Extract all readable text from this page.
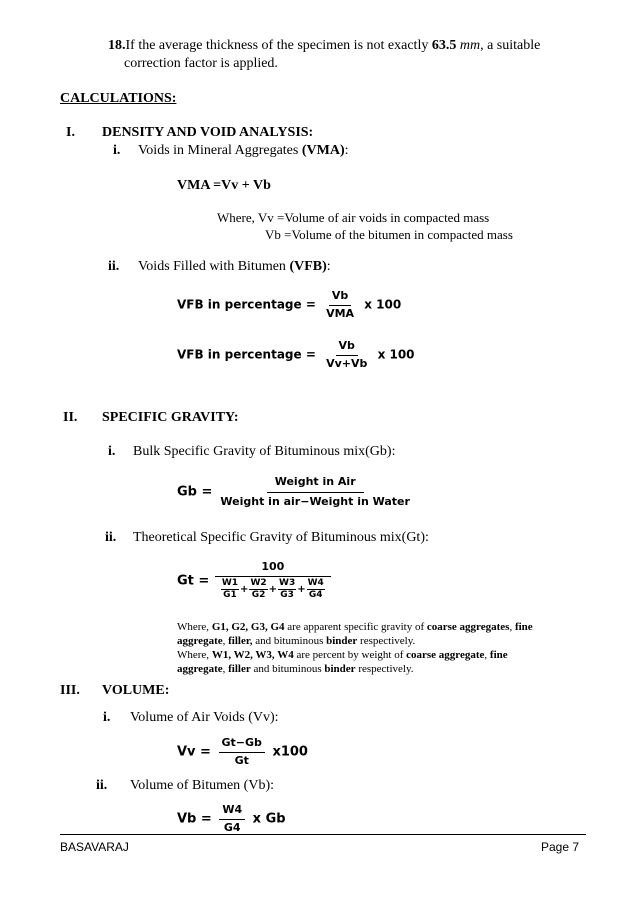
18.If the average thickness of the specimen is not exactly 63.5 mm, a suitable
correction factor is applied.
CALCULATIONS:
I. DENSITY AND VOID ANALYSIS:
i. Voids in Mineral Aggregates (VMA):
VMA =Vv + Vb
Where, Vv =Volume of air voids in compacted mass
Vb =Volume of the bitumen in compacted mass
ii. Voids Filled with Bitumen (VFB):
VFB in percentage = $\frac{Vb}{\text{VMA}}$ x 100
VFB in percentage = $\frac{Vb}{Vv+Vb}$ x 100
II. SPECIFIC GRAVITY:
i. Bulk Specific Gravity of Bituminous mix(Gb):
$Gb = \frac{\text{Weight in Air}}{\text{Weight in air−Weight in Water}}$
ii. Theoretical Specific Gravity of Bituminous mix(Gt):
$Gt = \frac{100}{\frac{W1}{G1} + \frac{W2}{G2} + \frac{W3}{G3} + \frac{W4}{G4}}$
Where, G1, G2, G3, G4 are apparent specific gravity of coarse aggregates, fine
aggregate, filler, and bituminous binder respectively.
Where, W1, W2, W3, W4 are percent by weight of coarse aggregate, fine
aggregate, filler and bituminous binder respectively.
III. VOLUME:
i. Volume of Air Voids (Vv):
$Vv = \frac{Gt-Gb}{Gt} x100$
ii. Volume of Bitumen (Vb):
$Vb = \frac{W4}{G4}$ x Gb
BASAVARAJ	Page 7
